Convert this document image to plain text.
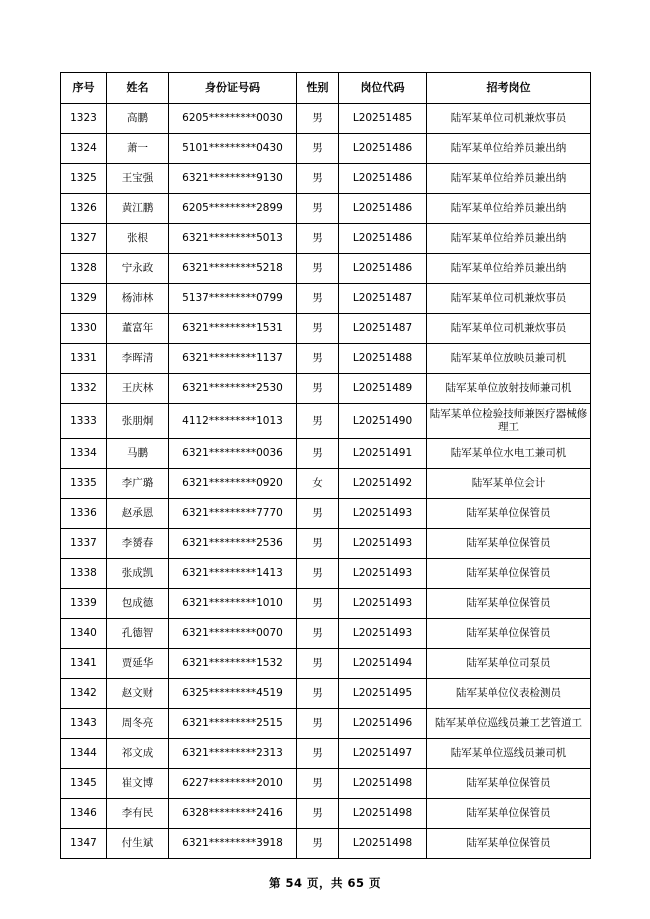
序号	姓名	身份证号码	性别	岗位代码	招考岗位
1323	高鹏	6205*********0030	男	L20251485	陆军某单位司机兼炊事员
1324	萧一	5101*********0430	男	L20251486	陆军某单位给养员兼出纳
1325	王宝强	6321*********9130	男	L20251486	陆军某单位给养员兼出纳
1326	黄江鹏	6205*********2899	男	L20251486	陆军某单位给养员兼出纳
1327	张根	6321*********5013	男	L20251486	陆军某单位给养员兼出纳
1328	宁永政	6321*********5218	男	L20251486	陆军某单位给养员兼出纳
1329	杨沛林	5137*********0799	男	L20251487	陆军某单位司机兼炊事员
1330	董富年	6321*********1531	男	L20251487	陆军某单位司机兼炊事员
1331	李晖清	6321*********1137	男	L20251488	陆军某单位放映员兼司机
1332	王庆林	6321*********2530	男	L20251489	陆军某单位放射技师兼司机
1333	张朋炯	4112*********1013	男	L20251490	陆军某单位检验技师兼医疗器械修理工
1334	马鹏	6321*********0036	男	L20251491	陆军某单位水电工兼司机
1335	李广璐	6321*********0920	女	L20251492	陆军某单位会计
1336	赵承恩	6321*********7770	男	L20251493	陆军某单位保管员
1337	李赟春	6321*********2536	男	L20251493	陆军某单位保管员
1338	张成凯	6321*********1413	男	L20251493	陆军某单位保管员
1339	包成德	6321*********1010	男	L20251493	陆军某单位保管员
1340	孔德智	6321*********0070	男	L20251493	陆军某单位保管员
1341	贾延华	6321*********1532	男	L20251494	陆军某单位司泵员
1342	赵文财	6325*********4519	男	L20251495	陆军某单位仪表检测员
1343	周冬亮	6321*********2515	男	L20251496	陆军某单位巡线员兼工艺管道工
1344	祁文成	6321*********2313	男	L20251497	陆军某单位巡线员兼司机
1345	崔文博	6227*********2010	男	L20251498	陆军某单位保管员
1346	李有民	6328*********2416	男	L20251498	陆军某单位保管员
1347	付生斌	6321*********3918	男	L20251498	陆军某单位保管员
第 54 页，共 65 页
